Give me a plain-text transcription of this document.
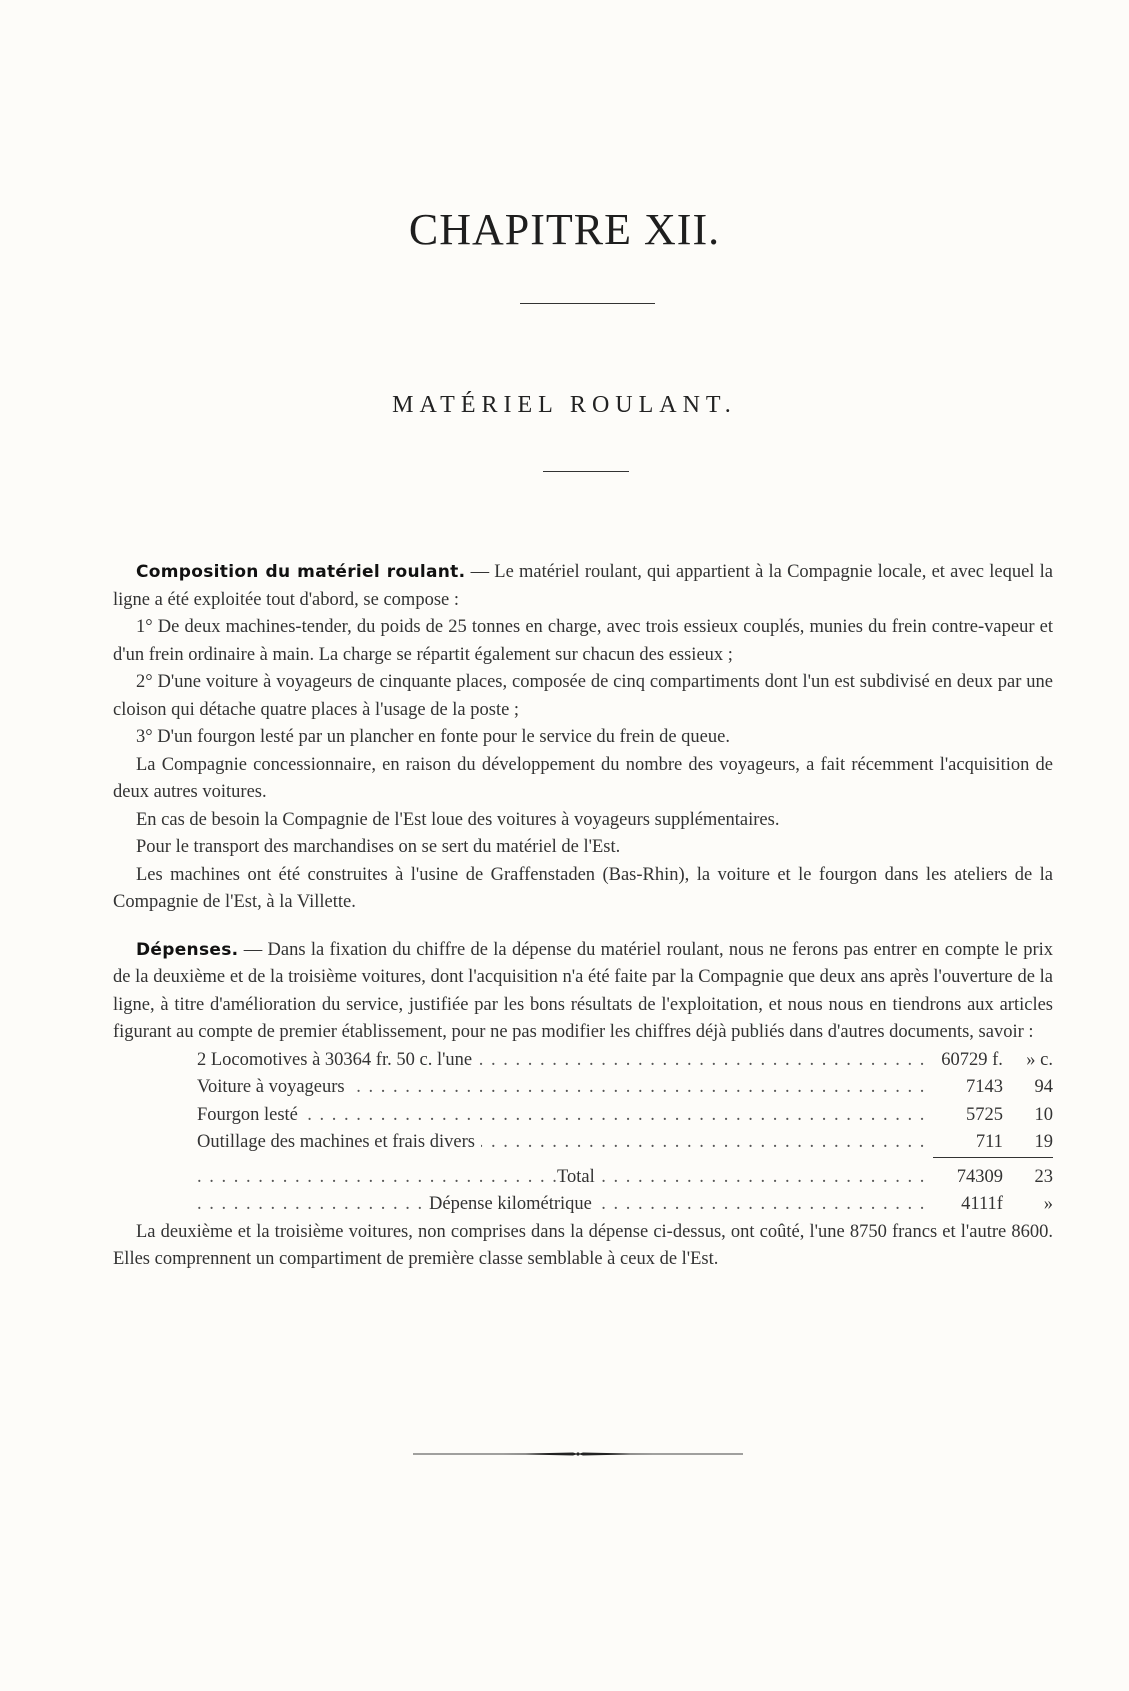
CHAPITRE XII.
MATÉRIEL ROULANT.

Composition du matériel roulant. — Le matériel roulant, qui appartient à la Compagnie locale, et avec lequel la ligne a été exploitée tout d'abord, se compose :

1° De deux machines-tender, du poids de 25 tonnes en charge, avec trois essieux couplés, munies du frein contre-vapeur et d'un frein ordinaire à main. La charge se répartit également sur chacun des essieux ;

2° D'une voiture à voyageurs de cinquante places, composée de cinq compartiments dont l'un est subdivisé en deux par une cloison qui détache quatre places à l'usage de la poste ;

3° D'un fourgon lesté par un plancher en fonte pour le service du frein de queue.

La Compagnie concessionnaire, en raison du développement du nombre des voyageurs, a fait récemment l'acquisition de deux autres voitures.

En cas de besoin la Compagnie de l'Est loue des voitures à voyageurs supplémentaires.

Pour le transport des marchandises on se sert du matériel de l'Est.

Les machines ont été construites à l'usine de Graffenstaden (Bas-Rhin), la voiture et le fourgon dans les ateliers de la Compagnie de l'Est, à la Villette.

Dépenses. — Dans la fixation du chiffre de la dépense du matériel roulant, nous ne ferons pas entrer en compte le prix de la deuxième et de la troisième voitures, dont l'acquisition n'a été faite par la Compagnie que deux ans après l'ouverture de la ligne, à titre d'amélioration du service, justifiée par les bons résultats de l'exploitation, et nous nous en tiendrons aux articles figurant au compte de premier établissement, pour ne pas modifier les chiffres déjà publiés dans d'autres documents, savoir :

2 Locomotives à 30364 fr. 50 c. l'une . . .	60729 f.	» c.

Voiture à voyageurs . . .	7143	94

Fourgon lesté . . .	5725	10

Outillage des machines et frais divers . . .	711	19

Total . . .	74309	23

Dépense kilométrique . . .	4111f	»

La deuxième et la troisième voitures, non comprises dans la dépense ci-dessus, ont coûté, l'une 8750 francs et l'autre 8600. Elles comprennent un compartiment de première classe semblable à ceux de l'Est.
